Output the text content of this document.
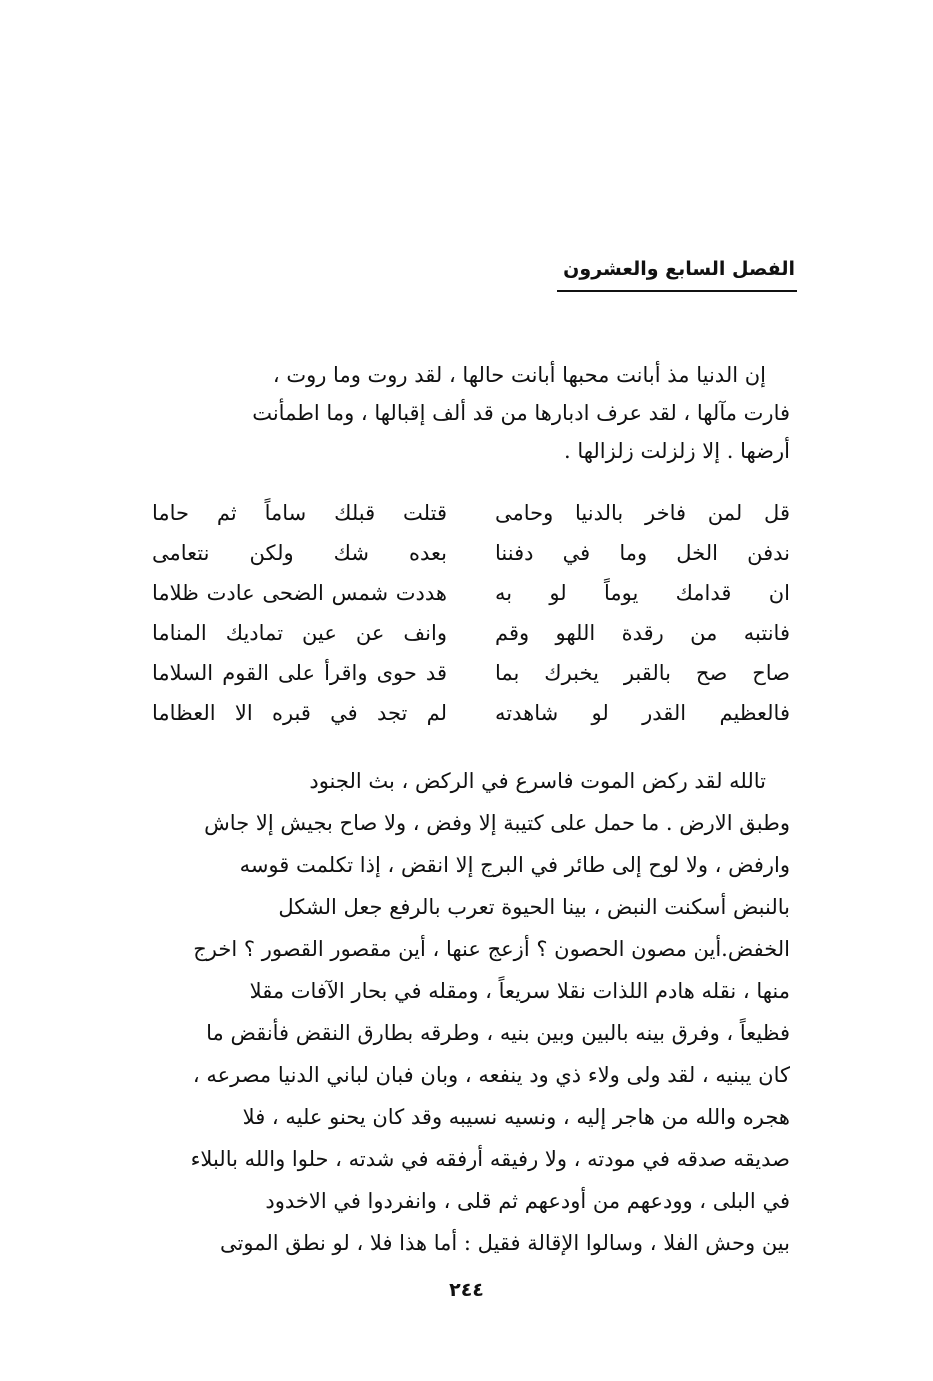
الفصل السابع والعشرون
إن الدنيا مذ أبانت محبها أبانت حالها ، لقد روت وما روت ،
فارت مآلها ، لقد عرف ادبارها من قد ألف إقبالها ، وما اطمأنت
أرضها . إلا زلزلت زلزالها .
قل لمن فاخر بالدنيا وحامى
قتلت قبلك ساماً ثم حاما
ندفن الخل وما في دفننا
بعده شك ولكن نتعامى
ان قدامك يوماً لو به
هددت شمس الضحى عادت ظلاما
فانتبه من رقدة اللهو وقم
وانف عن عين تماديك المناما
صاح صح بالقبر يخبرك بما
قد حوى واقرأ على القوم السلاما
فالعظيم القدر لو شاهدته
لم تجد في قبره الا العظاما
تالله لقد ركض الموت فاسرع في الركض ، بث الجنود
وطبق الارض . ما حمل على كتيبة إلا وفض ، ولا صاح بجيش إلا جاش
وارفض ، ولا لوح إلى طائر في البرج إلا انقض ، إذا تكلمت قوسه
بالنبض أسكنت النبض ، بينا الحيوة تعرب بالرفع جعل الشكل
الخفض.أين مصون الحصون ؟ أزعج عنها ، أين مقصور القصور ؟ اخرج
منها ، نقله هادم اللذات نقلا سريعاً ، ومقله في بحار الآفات مقلا
فظيعاً ، وفرق بينه بالبين وبين بنيه ، وطرقه بطارق النقض فأنقض ما
كان يبنيه ، لقد ولى ولاء ذي ود ينفعه ، وبان فبان لباني الدنيا مصرعه ،
هجره والله من هاجر إليه ، ونسيه نسيبه وقد كان يحنو عليه ، فلا
صديقه صدقه في مودته ، ولا رفيقه أرفقه في شدته ، حلوا والله بالبلاء
في البلى ، وودعهم من أودعهم ثم قلى ، وانفردوا في الاخدود
بين وحش الفلا ، وسالوا الإقالة فقيل : أما هذا فلا ، لو نطق الموتى
٢٤٤
